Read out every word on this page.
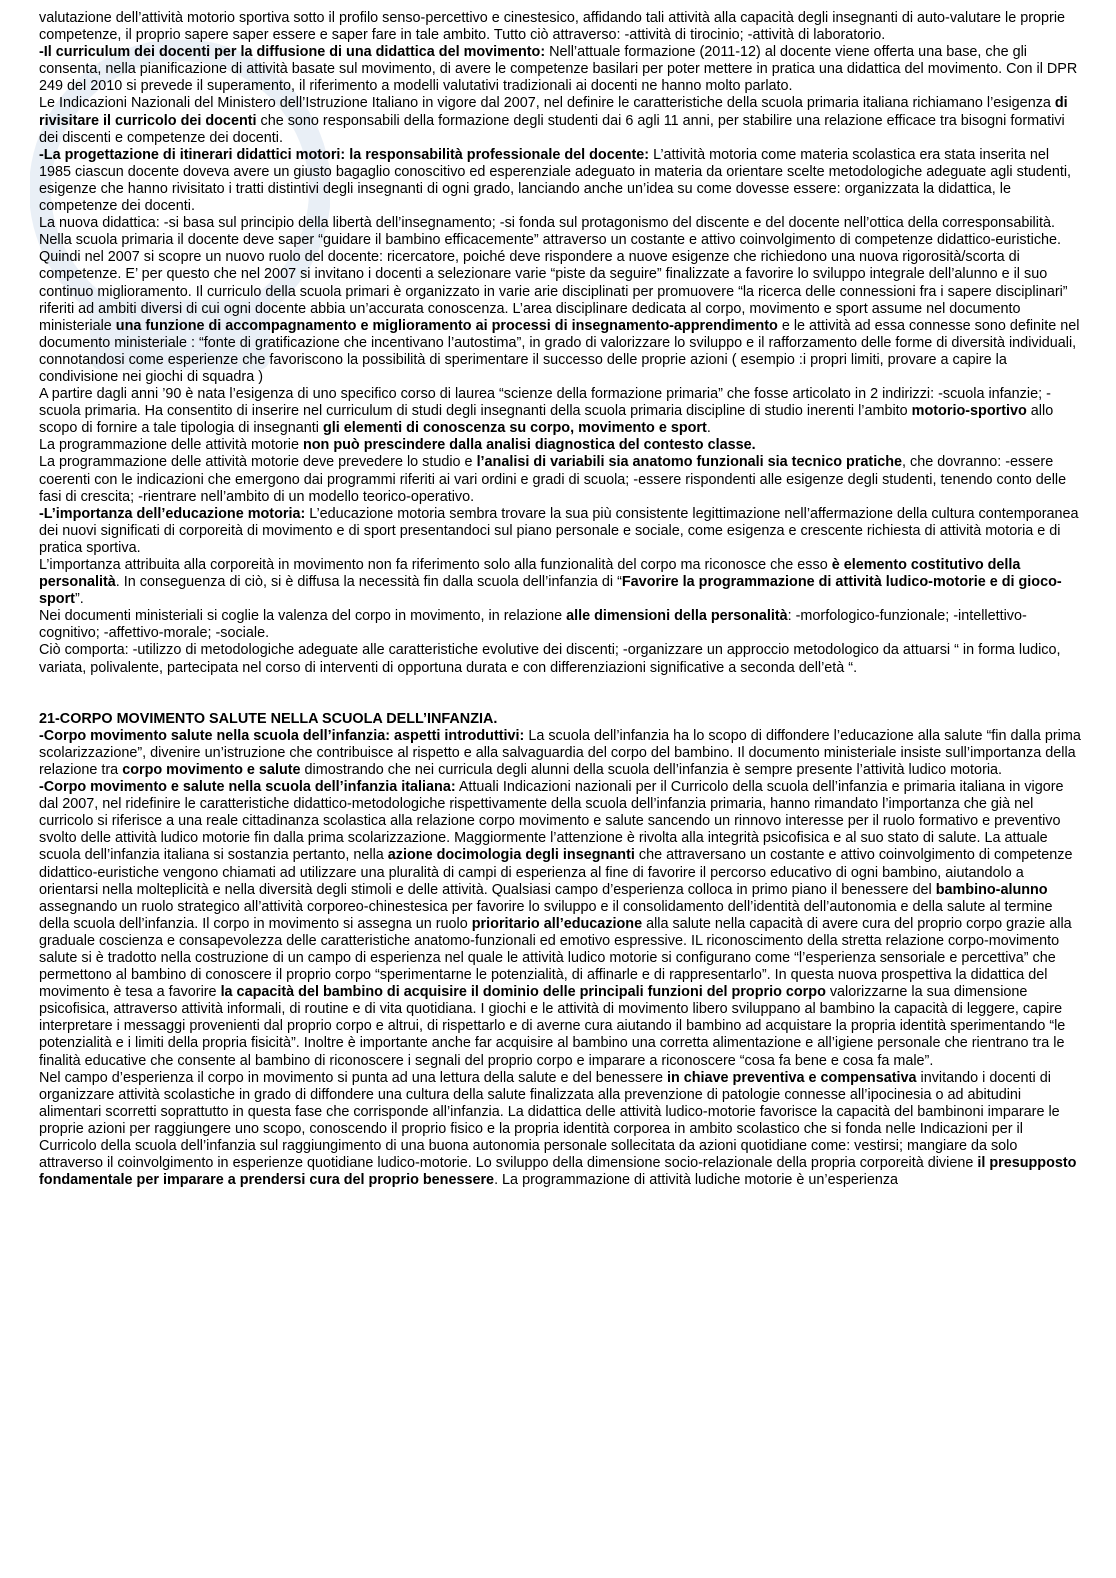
valutazione dell’attività motorio sportiva sotto il profilo senso-percettivo e cinestesico, affidando tali attività alla capacità degli insegnanti di auto-valutare le proprie competenze, il proprio sapere saper essere e saper fare in tale ambito. Tutto ciò attraverso: -attività di tirocinio; -attività di laboratorio.

-Il curriculum dei docenti per la diffusione di una didattica del movimento: Nell’attuale formazione (2011-12) al docente viene offerta una base, che gli consenta, nella pianificazione di attività basate sul movimento, di avere le competenze basilari per poter mettere in pratica una didattica del movimento. Con il DPR 249 del 2010 si prevede il superamento, il riferimento a modelli valutativi tradizionali ai docenti ne hanno molto parlato.

Le Indicazioni Nazionali del Ministero dell’Istruzione Italiano in vigore dal 2007, nel definire le caratteristiche della scuola primaria italiana richiamano l’esigenza di rivisitare il curricolo dei docenti che sono responsabili della formazione degli studenti dai 6 agli 11 anni, per stabilire una relazione efficace tra bisogni formativi dei discenti e competenze dei docenti.

-La progettazione di itinerari didattici motori: la responsabilità professionale del docente: L’attività motoria come materia scolastica era stata inserita nel 1985 ciascun docente doveva avere un giusto bagaglio conoscitivo ed esperenziale adeguato in materia da orientare scelte metodologiche adeguate agli studenti, esigenze che hanno rivisitato i tratti distintivi degli insegnanti di ogni grado, lanciando anche un’idea su come dovesse essere: organizzata la didattica, le competenze dei docenti.

La nuova didattica: -si basa sul principio della libertà dell’insegnamento; -si fonda sul protagonismo del discente e del docente nell’ottica della corresponsabilità.

Nella scuola primaria il docente deve saper “guidare il bambino efficacemente” attraverso un costante e attivo coinvolgimento di competenze didattico-euristiche. Quindi nel 2007 si scopre un nuovo ruolo del docente: ricercatore, poiché deve rispondere a nuove esigenze che richiedono una nuova rigorosità/scorta di competenze. E’ per questo che nel 2007 si invitano i docenti a selezionare varie “piste da seguire” finalizzate a favorire lo sviluppo integrale dell’alunno e il suo continuo miglioramento. Il curriculo della scuola primari è organizzato in varie arie disciplinati per promuovere “la ricerca delle connessioni fra i sapere disciplinari” riferiti ad ambiti diversi di cui ogni docente abbia un’accurata conoscenza. L’area disciplinare dedicata al corpo, movimento e sport assume nel documento ministeriale una funzione di accompagnamento e miglioramento ai processi di insegnamento-apprendimento e le attività ad essa connesse sono definite nel documento ministeriale : “fonte di gratificazione che incentivano l’autostima”, in grado di valorizzare lo sviluppo e il rafforzamento delle forme di diversità individuali, connotandosi come esperienze che favoriscono la possibilità di sperimentare il successo delle proprie azioni ( esempio :i propri limiti, provare a capire la condivisione nei giochi di squadra )

A partire dagli anni ’90 è nata l’esigenza di uno specifico corso di laurea “scienze della formazione primaria” che fosse articolato in 2 indirizzi: -scuola infanzie; -scuola primaria. Ha consentito di inserire nel curriculum di studi degli insegnanti della scuola primaria discipline di studio inerenti l’ambito motorio-sportivo allo scopo di fornire a tale tipologia di insegnanti gli elementi di conoscenza su corpo, movimento e sport.

La programmazione delle attività motorie non può prescindere dalla analisi diagnostica del contesto classe.

La programmazione delle attività motorie deve prevedere lo studio e l’analisi di variabili sia anatomo funzionali sia tecnico pratiche, che dovranno: -essere coerenti con le indicazioni che emergono dai programmi riferiti ai vari ordini e gradi di scuola; -essere rispondenti alle esigenze degli studenti, tenendo conto delle fasi di crescita; -rientrare nell’ambito di un modello teorico-operativo.

-L’importanza dell’educazione motoria: L’educazione motoria sembra trovare la sua più consistente legittimazione nell’affermazione della cultura contemporanea dei nuovi significati di corporeità di movimento e di sport presentandoci sul piano personale e sociale, come esigenza e crescente richiesta di attività motoria e di pratica sportiva.

L’importanza attribuita alla corporeità in movimento non fa riferimento solo alla funzionalità del corpo ma riconosce che esso è elemento costitutivo della personalità. In conseguenza di ciò, si è diffusa la necessità fin dalla scuola dell’infanzia di “Favorire la programmazione di attività ludico-motorie e di gioco-sport”.

Nei documenti ministeriali si coglie la valenza del corpo in movimento, in relazione alle dimensioni della personalità: -morfologico-funzionale; -intellettivo-cognitivo; -affettivo-morale; -sociale.

Ciò comporta: -utilizzo di metodologiche adeguate alle caratteristiche evolutive dei discenti; -organizzare un approccio metodologico da attuarsi “ in forma ludico, variata, polivalente, partecipata nel corso di interventi di opportuna durata e con differenziazioni significative a seconda dell’età “.

21-CORPO MOVIMENTO SALUTE NELLA SCUOLA DELL’INFANZIA.

-Corpo movimento salute nella scuola dell’infanzia: aspetti introduttivi: La scuola dell’infanzia ha lo scopo di diffondere l’educazione alla salute “fin dalla prima scolarizzazione”, divenire un’istruzione che contribuisce al rispetto e alla salvaguardia del corpo del bambino. Il documento ministeriale insiste sull’importanza della relazione tra corpo movimento e salute dimostrando che nei curricula degli alunni della scuola dell’infanzia è sempre presente l’attività ludico motoria.

-Corpo movimento e salute nella scuola dell’infanzia italiana: Attuali Indicazioni nazionali per il Curricolo della scuola dell’infanzia e primaria italiana in vigore dal 2007, nel ridefinire le caratteristiche didattico-metodologiche rispettivamente della scuola dell’infanzia primaria, hanno rimandato l’importanza che già nel curricolo si riferisce a una reale cittadinanza scolastica alla relazione corpo movimento e salute sancendo un rinnovo interesse per il ruolo formativo e preventivo svolto delle attività ludico motorie fin dalla prima scolarizzazione. Maggiormente l’attenzione è rivolta alla integrità psicofisica e al suo stato di salute. La attuale scuola dell’infanzia italiana si sostanzia pertanto, nella azione docimologia degli insegnanti che attraversano un costante e attivo coinvolgimento di competenze didattico-euristiche vengono chiamati ad utilizzare una pluralità di campi di esperienza al fine di favorire il percorso educativo di ogni bambino, aiutandolo a orientarsi nella molteplicità e nella diversità degli stimoli e delle attività. Qualsiasi campo d’esperienza colloca in primo piano il benessere del bambino-alunno assegnando un ruolo strategico all’attività corporeo-chinestesica per favorire lo sviluppo e il consolidamento dell’identità dell’autonomia e della salute al termine della scuola dell’infanzia. Il corpo in movimento si assegna un ruolo prioritario all’educazione alla salute nella capacità di avere cura del proprio corpo grazie alla graduale coscienza e consapevolezza delle caratteristiche anatomo-funzionali ed emotivo espressive. IL riconoscimento della stretta relazione corpo-movimento salute si è tradotto nella costruzione di un campo di esperienza nel quale le attività ludico motorie si configurano come “l’esperienza sensoriale e percettiva” che permettono al bambino di conoscere il proprio corpo “sperimentarne le potenzialità, di affinarle e di rappresentarlo”. In questa nuova prospettiva la didattica del movimento è tesa a favorire la capacità del bambino di acquisire il dominio delle principali funzioni del proprio corpo valorizzarne la sua dimensione psicofisica, attraverso attività informali, di routine e di vita quotidiana. I giochi e le attività di movimento libero sviluppano al bambino la capacità di leggere, capire interpretare i messaggi provenienti dal proprio corpo e altrui, di rispettarlo e di averne cura aiutando il bambino ad acquistare la propria identità sperimentando “le potenzialità e i limiti della propria fisicità”. Inoltre è importante anche far acquisire al bambino una corretta alimentazione e all’igiene personale che rientrano tra le finalità educative che consente al bambino di riconoscere i segnali del proprio corpo e imparare a riconoscere “cosa fa bene e cosa fa male”.

Nel campo d’esperienza il corpo in movimento si punta ad una lettura della salute e del benessere in chiave preventiva e compensativa invitando i docenti di organizzare attività scolastiche in grado di diffondere una cultura della salute finalizzata alla prevenzione di patologie connesse all’ipocinesia o ad abitudini alimentari scorretti soprattutto in questa fase che corrisponde all’infanzia. La didattica delle attività ludico-motorie favorisce la capacità del bambinoni imparare le proprie azioni per raggiungere uno scopo, conoscendo il proprio fisico e la propria identità corporea in ambito scolastico che si fonda nelle Indicazioni per il Curricolo della scuola dell’infanzia sul raggiungimento di una buona autonomia personale sollecitata da azioni quotidiane come: vestirsi; mangiare da solo attraverso il coinvolgimento in esperienze quotidiane ludico-motorie. Lo sviluppo della dimensione socio-relazionale della propria corporeità diviene il presupposto fondamentale per imparare a prendersi cura del proprio benessere. La programmazione di attività ludiche motorie è un’esperienza
